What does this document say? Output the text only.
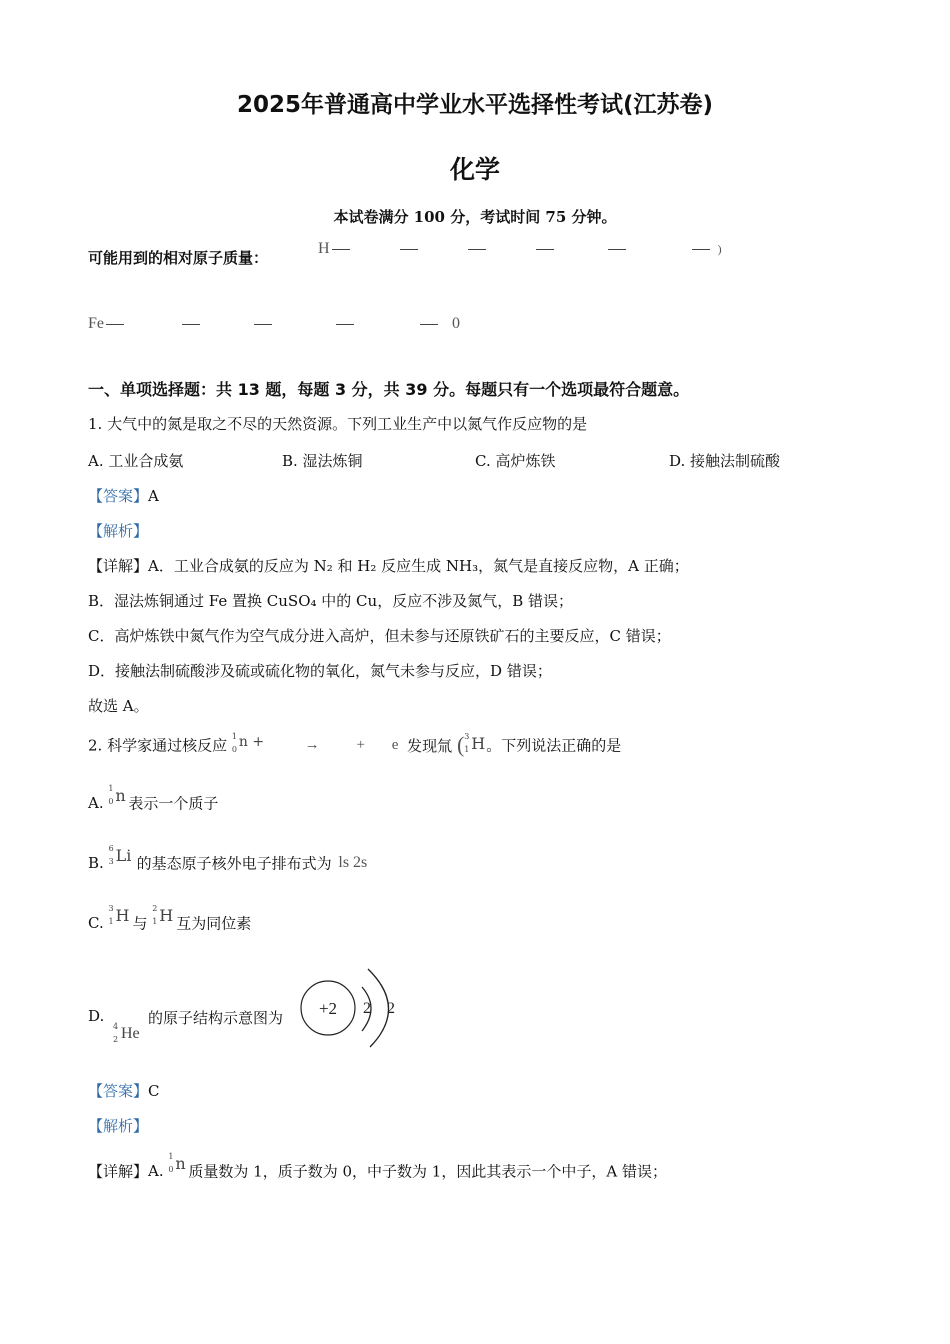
2025年普通高中学业水平选择性考试(江苏卷)
化学
本试卷满分 100 分，考试时间 75 分钟。
可能用到的相对原子质量：
H	)
Fe	0
一、单项选择题：共 13 题，每题 3 分，共 39 分。每题只有一个选项最符合题意。
1. 大气中的氮是取之不尽的天然资源。下列工业生产中以氮气作反应物的是
A. 工业合成氨	B. 湿法炼铜	C. 高炉炼铁	D. 接触法制硫酸
【答案】A
【解析】
【详解】A．工业合成氨的反应为 N₂ 和 H₂ 反应生成 NH₃，氮气是直接反应物，A 正确；
B．湿法炼铜通过 Fe 置换 CuSO₄ 中的 Cu，反应不涉及氮气，B 错误；
C．高炉炼铁中氮气作为空气成分进入高炉，但未参与还原铁矿石的主要反应，C 错误；
D．接触法制硫酸涉及硫或硫化物的氧化，氮气未参与反应，D 错误；
故选 A。
2. 科学家通过核反应 1
0 n +	→ + e 发现氚 ( 3
1 H 。下列说法正确的是
A.
1
0 n 表示一个质子
B.
6
3 Li 的基态原子核外电子排布式为 ls 2s
C.
3
1 H 与
2
1 H 互为同位素
D.
4
2 He
的原子结构示意图为 +2 2 2
【答案】C
【解析】
【详解】A.
1
0 n 质量数为 1，质子数为 0，中子数为 1，因此其表示一个中子，A 错误；
